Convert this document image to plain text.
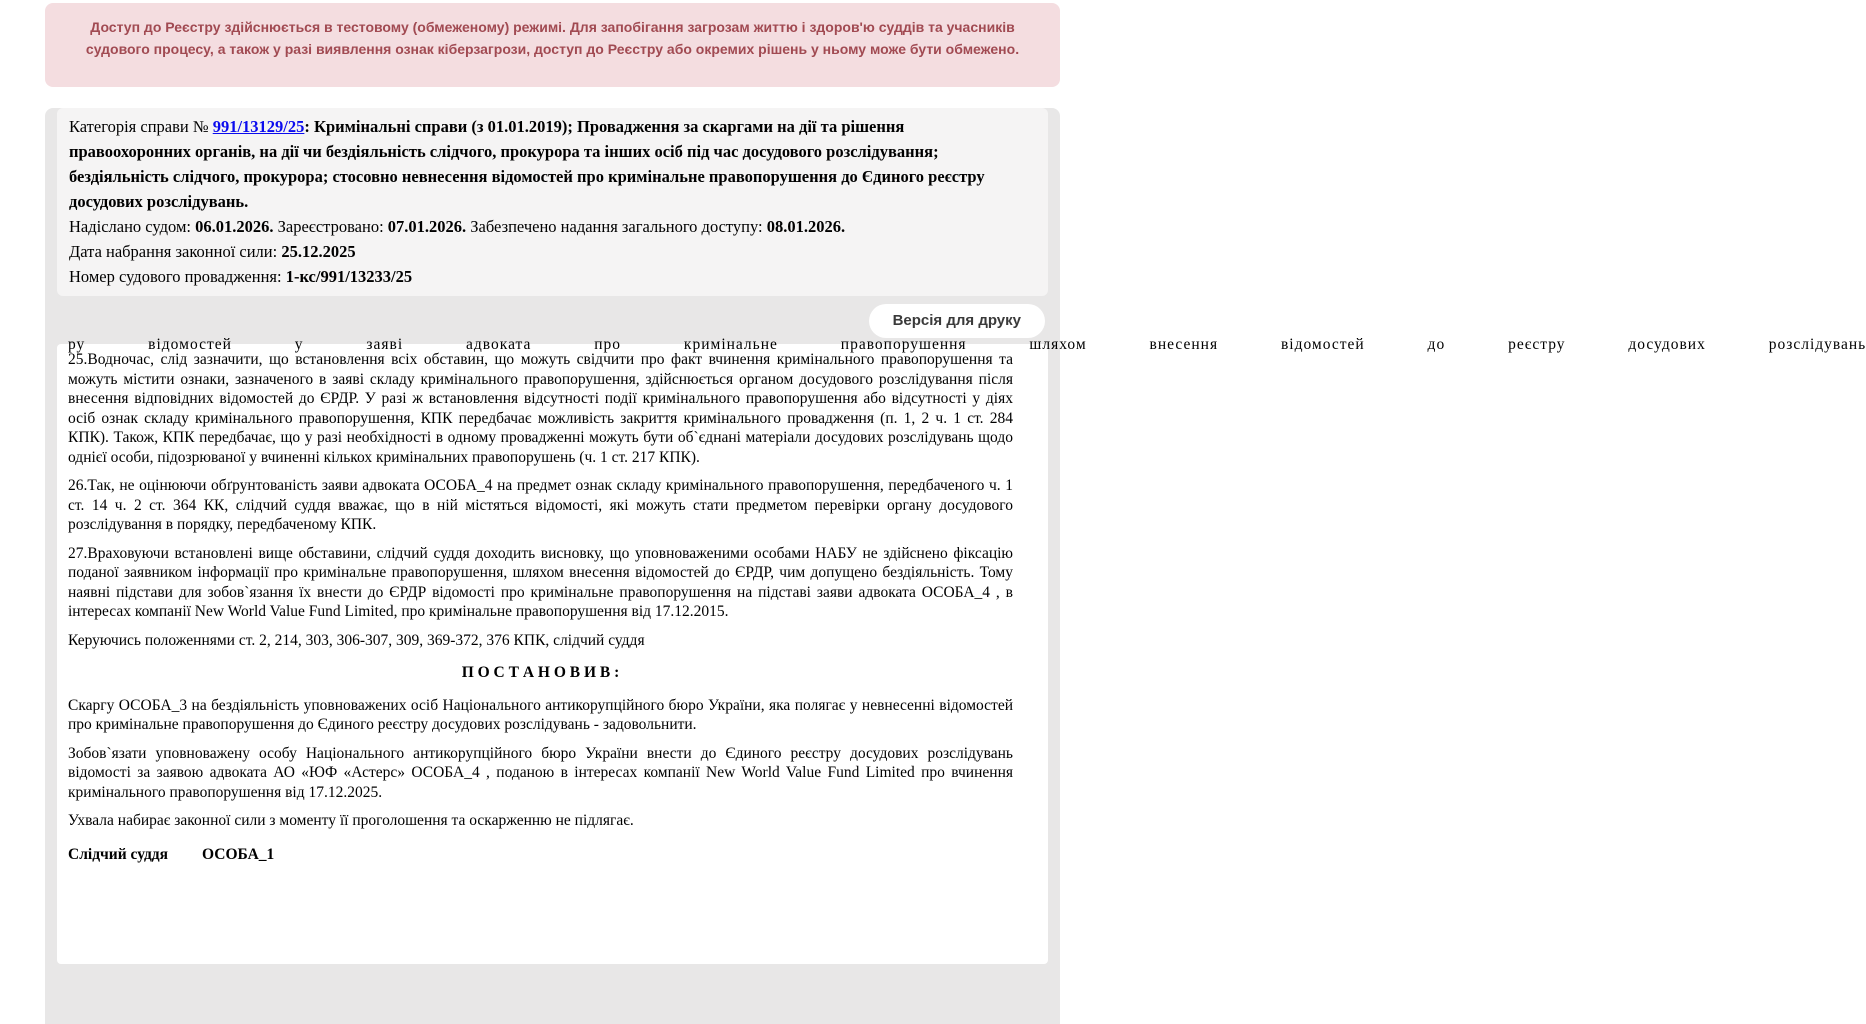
Доступ до Реєстру здійснюється в тестовому (обмеженому) режимі. Для запобігання загрозам життю і здоров'ю суддів та учасників судового процесу, а також у разі виявлення ознак кіберзагрози, доступ до Реєстру або окремих рішень у ньому може бути обмежено.

Категорія справи № 991/13129/25: Кримінальні справи (з 01.01.2019); Провадження за скаргами на дії та рішення правоохоронних органів, на дії чи бездіяльність слідчого, прокурора та інших осіб під час досудового розслідування; бездіяльність слідчого, прокурора; стосовно невнесення відомостей про кримінальне правопорушення до Єдиного реєстру досудових розслідувань.

Надіслано судом: 06.01.2026. Зареєстровано: 07.01.2026. Забезпечено надання загального доступу: 08.01.2026.

Дата набрання законної сили: 25.12.2025

Номер судового провадження: 1-кс/991/13233/25

Версія для друку
ру відомостей у заяві адвоката про кримінальне правопорушення шляхом внесення відомостей до реєстру досудових розслідувань

25.Водночас, слід зазначити, що встановлення всіх обставин, що можуть свідчити про факт вчинення кримінального правопорушення та можуть містити ознаки, зазначеного в заяві складу кримінального правопорушення, здійснюється органом досудового розслідування після внесення відповідних відомостей до ЄРДР. У разі ж встановлення відсутності події кримінального правопорушення або відсутності у діях осіб ознак складу кримінального правопорушення, КПК передбачає можливість закриття кримінального провадження (п. 1, 2 ч. 1 ст. 284 КПК). Також, КПК передбачає, що у разі необхідності в одному провадженні можуть бути об`єднані матеріали досудових розслідувань щодо однієї особи, підозрюваної у вчиненні кількох кримінальних правопорушень (ч. 1 ст. 217 КПК).

26.Так, не оцінюючи обґрунтованість заяви адвоката ОСОБА_4 на предмет ознак складу кримінального правопорушення, передбаченого ч. 1 ст. 14 ч. 2 ст. 364 КК, слідчий суддя вважає, що в ній містяться відомості, які можуть стати предметом перевірки органу досудового розслідування в порядку, передбаченому КПК.

27.Враховуючи встановлені вище обставини, слідчий суддя доходить висновку, що уповноваженими особами НАБУ не здійснено фіксацію поданої заявником інформації про кримінальне правопорушення, шляхом внесення відомостей до ЄРДР, чим допущено бездіяльність. Тому наявні підстави для зобов`язання їх внести до ЄРДР відомості про кримінальне правопорушення на підставі заяви адвоката ОСОБА_4 , в інтересах компанії New World Value Fund Limited, про кримінальне правопорушення від 17.12.2015.

Керуючись положеннями ст. 2, 214, 303, 306-307, 309, 369-372, 376 КПК, слідчий суддя

П О С Т А Н О В И В :

Скаргу ОСОБА_3 на бездіяльність уповноважених осіб Національного антикорупційного бюро України, яка полягає у невнесенні відомостей про кримінальне правопорушення до Єдиного реєстру досудових розслідувань - задовольнити.

Зобов`язати уповноважену особу Національного антикорупційного бюро України внести до Єдиного реєстру досудових розслідувань відомості за заявою адвоката АО «ЮФ «Астерс» ОСОБА_4 , поданою в інтересах компанії New World Value Fund Limited про вчинення кримінального правопорушення від 17.12.2025.

Ухвала набирає законної сили з моменту її проголошення та оскарженню не підлягає.

Слідчий суддя ОСОБА_1
